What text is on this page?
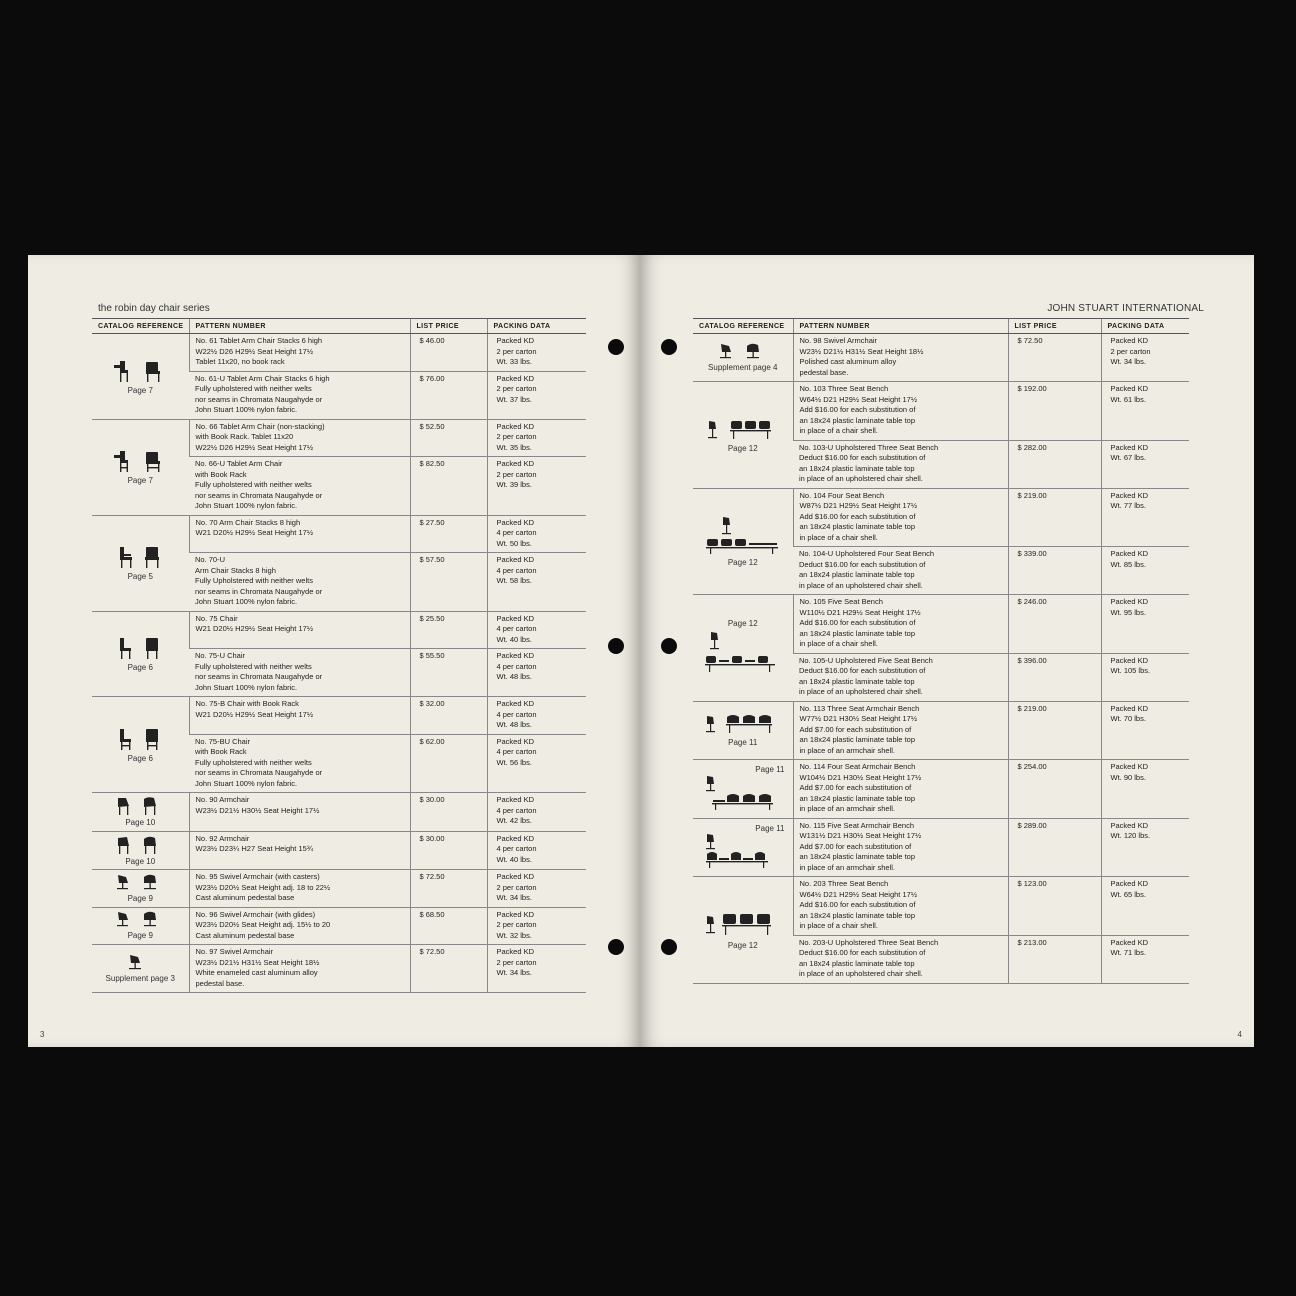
the robin day chair series
CATALOG REFERENCE	PATTERN NUMBER	LIST PRICE	PACKING DATA

Page 7	No. 61 Tablet Arm Chair Stacks 6 high
W22½ D26 H29½ Seat Height 17½
Tablet 11x20, no book rack	$ 46.00	Packed KD
2 per carton
Wt. 33 lbs.

	No. 61-U Tablet Arm Chair Stacks 6 high
Fully upholstered with neither welts
nor seams in Chromata Naugahyde or
John Stuart 100% nylon fabric.	$ 76.00	Packed KD
2 per carton
Wt. 37 lbs.

Page 7	No. 66 Tablet Arm Chair (non-stacking)
with Book Rack. Tablet 11x20
W22½ D26 H29½ Seat Height 17½	$ 52.50	Packed KD
2 per carton
Wt. 35 lbs.

	No. 66-U Tablet Arm Chair
with Book Rack
Fully upholstered with neither welts
nor seams in Chromata Naugahyde or
John Stuart 100% nylon fabric.	$ 82.50	Packed KD
2 per carton
Wt. 39 lbs.

Page 5	No. 70 Arm Chair Stacks 8 high
W21 D20½ H29½ Seat Height 17½	$ 27.50	Packed KD
4 per carton
Wt. 50 lbs.

	No. 70-U
Arm Chair Stacks 8 high
Fully Upholstered with neither welts
nor seams in Chromata Naugahyde or
John Stuart 100% nylon fabric.	$ 57.50	Packed KD
4 per carton
Wt. 58 lbs.

Page 6	No. 75 Chair
W21 D20½ H29½ Seat Height 17½	$ 25.50	Packed KD
4 per carton
Wt. 40 lbs.

	No. 75-U Chair
Fully upholstered with neither welts
nor seams in Chromata Naugahyde or
John Stuart 100% nylon fabric.	$ 55.50	Packed KD
4 per carton
Wt. 48 lbs.

Page 6	No. 75-B Chair with Book Rack
W21 D20½ H29½ Seat Height 17½	$ 32.00	Packed KD
4 per carton
Wt. 48 lbs.

	No. 75-BU Chair
with Book Rack
Fully upholstered with neither welts
nor seams in Chromata Naugahyde or
John Stuart 100% nylon fabric.	$ 62.00	Packed KD
4 per carton
Wt. 56 lbs.

Page 10	No. 90 Armchair
W23½ D21½ H30½ Seat Height 17½	$ 30.00	Packed KD
4 per carton
Wt. 42 lbs.

Page 10	No. 92 Armchair
W23½ D23¼ H27 Seat Height 15¾	$ 30.00	Packed KD
4 per carton
Wt. 40 lbs.

Page 9	No. 95 Swivel Armchair (with casters)
W23½ D20½ Seat Height adj. 18 to 22½
Cast aluminum pedestal base	$ 72.50	Packed KD
2 per carton
Wt. 34 lbs.

Page 9	No. 96 Swivel Armchair (with glides)
W23½ D20½ Seat Height adj. 15½ to 20
Cast aluminum pedestal base	$ 68.50	Packed KD
2 per carton
Wt. 32 lbs.

Supplement page 3	No. 97 Swivel Armchair
W23½ D21½ H31½ Seat Height 18½
White enameled cast aluminum alloy
pedestal base.	$ 72.50	Packed KD
2 per carton
Wt. 34 lbs.
3
JOHN STUART INTERNATIONAL
CATALOG REFERENCE	PATTERN NUMBER	LIST PRICE	PACKING DATA

Supplement page 4	No. 98 Swivel Armchair
W23½ D21½ H31½ Seat Height 18½
Polished cast aluminum alloy
pedestal base.	$ 72.50	Packed KD
2 per carton
Wt. 34 lbs.

Page 12	No. 103 Three Seat Bench
W64½ D21 H29½ Seat Height 17½
Add $16.00 for each substitution of
an 18x24 plastic laminate table top
in place of a chair shell.	$ 192.00	Packed KD
Wt. 61 lbs.

	No. 103-U Upholstered Three Seat Bench
Deduct $16.00 for each substitution of
an 18x24 plastic laminate table top
in place of an upholstered chair shell.	$ 282.00	Packed KD
Wt. 67 lbs.

Page 12	No. 104 Four Seat Bench
W87½ D21 H29½ Seat Height 17½
Add $16.00 for each substitution of
an 18x24 plastic laminate table top
in place of a chair shell.	$ 219.00	Packed KD
Wt. 77 lbs.

	No. 104-U Upholstered Four Seat Bench
Deduct $16.00 for each substitution of
an 18x24 plastic laminate table top
in place of an upholstered chair shell.	$ 339.00	Packed KD
Wt. 85 lbs.

Page 12	No. 105 Five Seat Bench
W110½ D21 H29½ Seat Height 17½
Add $16.00 for each substitution of
an 18x24 plastic laminate table top
in place of a chair shell.	$ 246.00	Packed KD
Wt. 95 lbs.

	No. 105-U Upholstered Five Seat Bench
Deduct $16.00 for each substitution of
an 18x24 plastic laminate table top
in place of an upholstered chair shell.	$ 396.00	Packed KD
Wt. 105 lbs.

Page 11	No. 113 Three Seat Armchair Bench
W77½ D21 H30½ Seat Height 17½
Add $7.00 for each substitution of
an 18x24 plastic laminate table top
in place of an armchair shell.	$ 219.00	Packed KD
Wt. 70 lbs.

Page 11	No. 114 Four Seat Armchair Bench
W104½ D21 H30½ Seat Height 17½
Add $7.00 for each substitution of
an 18x24 plastic laminate table top
in place of an armchair shell.	$ 254.00	Packed KD
Wt. 90 lbs.

Page 11	No. 115 Five Seat Armchair Bench
W131½ D21 H30½ Seat Height 17½
Add $7.00 for each substitution of
an 18x24 plastic laminate table top
in place of an armchair shell.	$ 289.00	Packed KD
Wt. 120 lbs.

Page 12	No. 203 Three Seat Bench
W64½ D21 H29½ Seat Height 17½
Add $16.00 for each substitution of
an 18x24 plastic laminate table top
in place of a chair shell.	$ 123.00	Packed KD
Wt. 65 lbs.

	No. 203-U Upholstered Three Seat Bench
Deduct $16.00 for each substitution of
an 18x24 plastic laminate table top
in place of an upholstered chair shell.	$ 213.00	Packed KD
Wt. 71 lbs.
4
